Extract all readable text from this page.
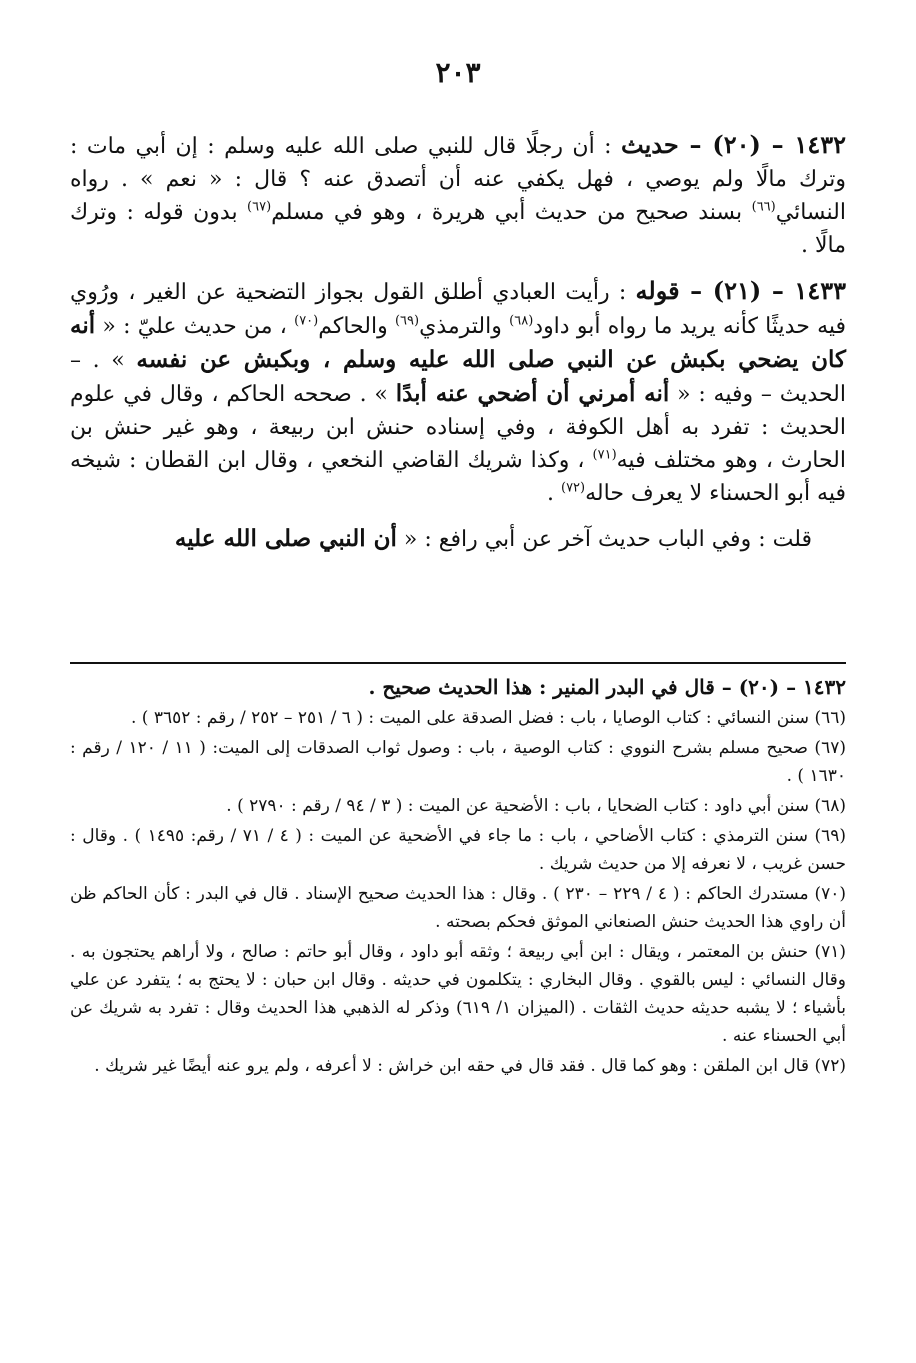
٢٠٣

١٤٣٢ – (٢٠) – حديث : أن رجلًا قال للنبي صلى الله عليه وسلم : إن أبي مات : وترك مالًا ولم يوصي ، فهل يكفي عنه أن أتصدق عنه ؟ قال : « نعم » . رواه النسائي$^{(٦٦)}$ بسند صحيح من حديث أبي هريرة ، وهو في مسلم$^{(٦٧)}$ بدون قوله : وترك مالًا .

١٤٣٣ – (٢١) – قوله : رأيت العبادي أطلق القول بجواز التضحية عن الغير ، ورُوي فيه حديثًا كأنه يريد ما رواه أبو داود$^{(٦٨)}$ والترمذي$^{(٦٩)}$ والحاكم$^{(٧٠)}$ ، من حديث عليّ : « أنه كان يضحي بكبش عن النبي صلى الله عليه وسلم ، وبكبش عن نفسه » . – الحديث – وفيه : « أنه أمرني أن أضحي عنه أبدًا » . صححه الحاكم ، وقال في علوم الحديث : تفرد به أهل الكوفة ، وفي إسناده حنش ابن ربيعة ، وهو غير حنش بن الحارث ، وهو مختلف فيه$^{(٧١)}$ ، وكذا شريك القاضي النخعي ، وقال ابن القطان : شيخه فيه أبو الحسناء لا يعرف حاله$^{(٧٢)}$ .

قلت : وفي الباب حديث آخر عن أبي رافع : « أن النبي صلى الله عليه

١٤٣٢ – (٢٠) – قال في البدر المنير : هذا الحديث صحيح .

(٦٦) سنن النسائي : كتاب الوصايا ، باب : فضل الصدقة على الميت : ( ٦ / ٢٥١ – ٢٥٢ / رقم : ٣٦٥٢ ) .

(٦٧) صحيح مسلم بشرح النووي : كتاب الوصية ، باب : وصول ثواب الصدقات إلى الميت: ( ١١ / ١٢٠ / رقم : ١٦٣٠ ) .

(٦٨) سنن أبي داود : كتاب الضحايا ، باب : الأضحية عن الميت : ( ٣ / ٩٤ / رقم : ٢٧٩٠ ) .

(٦٩) سنن الترمذي : كتاب الأضاحي ، باب : ما جاء في الأضحية عن الميت : ( ٤ / ٧١ / رقم: ١٤٩٥ ) . وقال : حسن غريب ، لا نعرفه إلا من حديث شريك .

(٧٠) مستدرك الحاكم : ( ٤ / ٢٢٩ – ٢٣٠ ) . وقال : هذا الحديث صحيح الإسناد . قال في البدر : كأن الحاكم ظن أن راوي هذا الحديث حنش الصنعاني الموثق فحكم بصحته .

(٧١) حنش بن المعتمر ، ويقال : ابن أبي ربيعة ؛ وثقه أبو داود ، وقال أبو حاتم : صالح ، ولا أراهم يحتجون به . وقال النسائي : ليس بالقوي . وقال البخاري : يتكلمون في حديثه . وقال ابن حبان : لا يحتج به ؛ يتفرد عن علي بأشياء ؛ لا يشبه حديثه حديث الثقات . (الميزان ١/ ٦١٩) وذكر له الذهبي هذا الحديث وقال : تفرد به شريك عن أبي الحسناء عنه .

(٧٢) قال ابن الملقن : وهو كما قال . فقد قال في حقه ابن خراش : لا أعرفه ، ولم يرو عنه أيضًا غير شريك .
